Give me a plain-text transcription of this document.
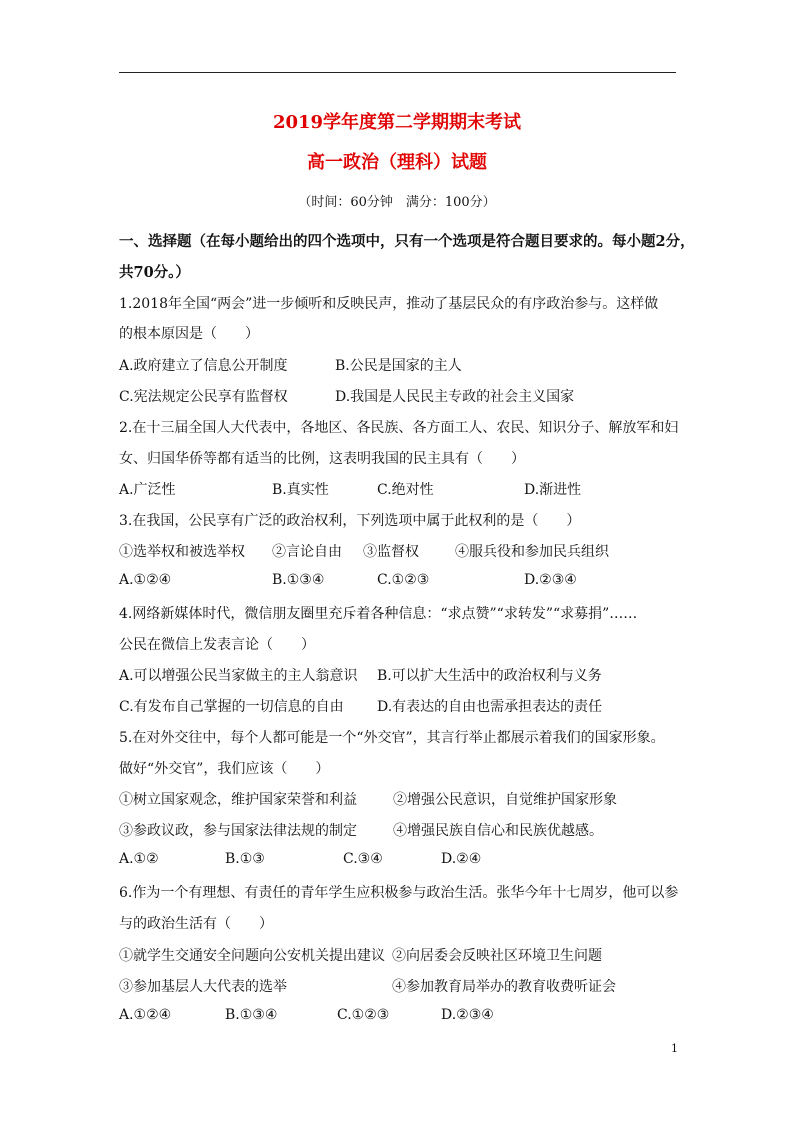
2019学年度第二学期期末考试
高一政治（理科）试题
（时间：60分钟　满分：100分）
一、选择题（在每小题给出的四个选项中，只有一个选项是符合题目要求的。每小题2分，
共70分。）
1.2018年全国“两会”进一步倾听和反映民声，推动了基层民众的有序政治参与。这样做
的根本原因是（　　）
A.政府建立了信息公开制度	B.公民是国家的主人
C.宪法规定公民享有监督权	D.我国是人民民主专政的社会主义国家
2.在十三届全国人大代表中，各地区、各民族、各方面工人、农民、知识分子、解放军和妇
女、归国华侨等都有适当的比例，这表明我国的民主具有（　　）
A.广泛性	B.真实性	C.绝对性	D.渐进性
3.在我国，公民享有广泛的政治权利，下列选项中属于此权利的是（　　）
①选举权和被选举权 ②言论自由 ③监督权	④服兵役和参加民兵组织
A.①②④	B.①③④	C.①②③	D.②③④
4.网络新媒体时代，微信朋友圈里充斥着各种信息：“求点赞”“求转发”“求募捐”……
公民在微信上发表言论（　　）
A.可以增强公民当家做主的主人翁意识 B.可以扩大生活中的政治权利与义务
C.有发布自己掌握的一切信息的自由 D.有表达的自由也需承担表达的责任
5.在对外交往中，每个人都可能是一个“外交官”，其言行举止都展示着我们的国家形象。
做好“外交官”，我们应该（　　）
①树立国家观念，维护国家荣誉和利益	②增强公民意识，自觉维护国家形象
③参政议政，参与国家法律法规的制定	④增强民族自信心和民族优越感。
A.①②	B.①③	C.③④	D.②④
6.作为一个有理想、有责任的青年学生应积极参与政治生活。张华今年十七周岁，他可以参
与的政治生活有（　　）
①就学生交通安全问题向公安机关提出建议 ②向居委会反映社区环境卫生问题
③参加基层人大代表的选举	④参加教育局举办的教育收费听证会
A.①②④	B.①③④	C.①②③	D.②③④
1
